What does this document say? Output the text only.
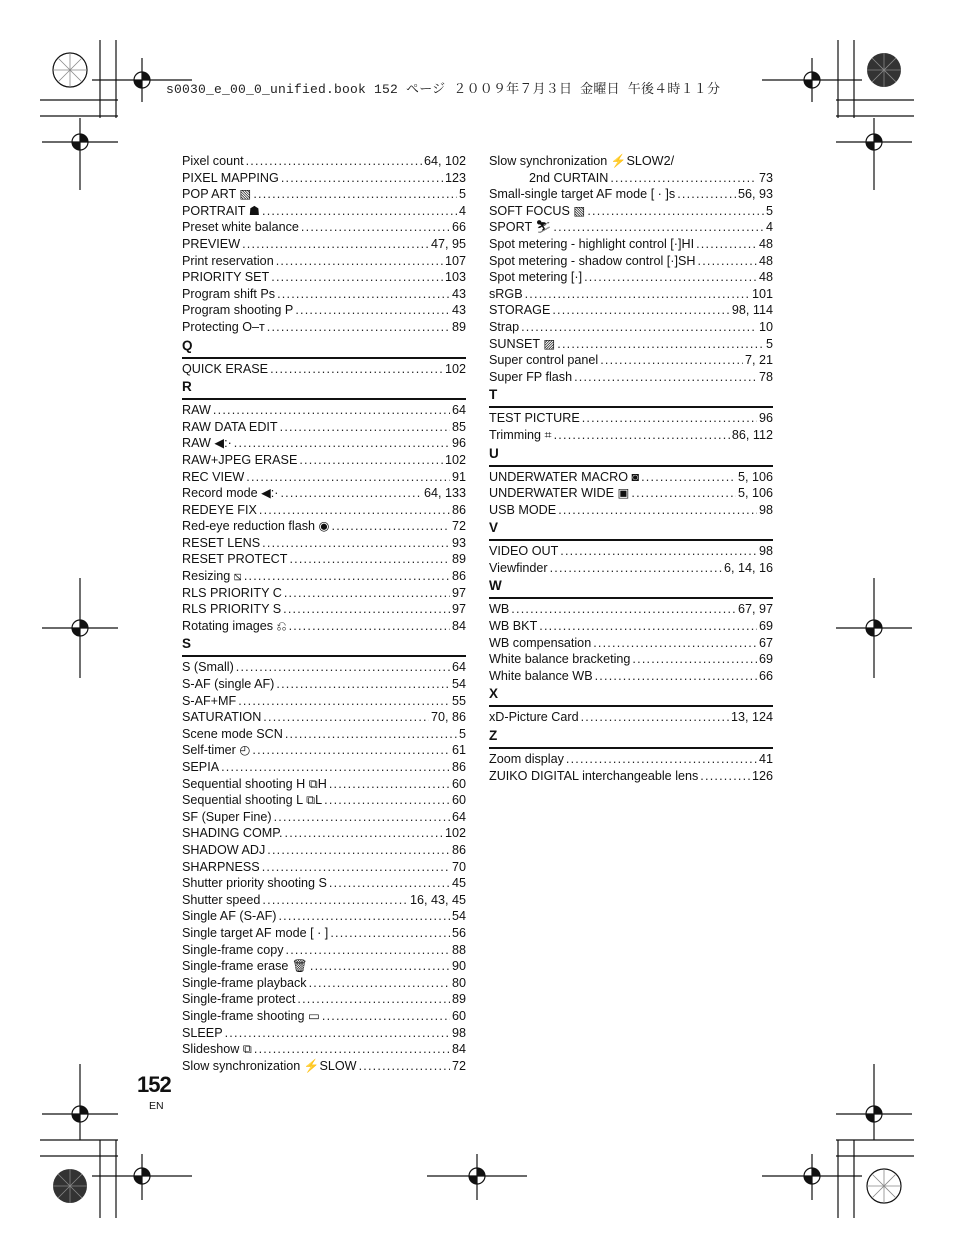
s0030_e_00_0_unified.book 152 ページ ２００９年７月３日 金曜日 午後４時１１分
Pixel count .....	64, 102
PIXEL MAPPING .....	123
POP ART ▧ .....	5
PORTRAIT ☗ .....	4
Preset white balance .....	66
PREVIEW .....	47, 95
Print reservation .....	107
PRIORITY SET .....	103
Program shift Ps .....	43
Program shooting P .....	43
Protecting O‒ᴛ .....	89
Q
QUICK ERASE .....	102
R
RAW .....	64
RAW DATA EDIT .....	85
RAW ◀:· .....	96
RAW+JPEG ERASE .....	102
REC VIEW .....	91
Record mode ◀:· .....	64, 133
REDEYE FIX .....	86
Red-eye reduction flash ◉ .....	72
RESET LENS .....	93
RESET PROTECT .....	89
Resizing ⧅ .....	86
RLS PRIORITY C .....	97
RLS PRIORITY S .....	97
Rotating images ⎌ .....	84
S
S (Small) .....	64
S-AF (single AF) .....	54
S-AF+MF .....	55
SATURATION .....	70, 86
Scene mode SCN .....	5
Self-timer ◴ .....	61
SEPIA .....	86
Sequential shooting H ⧉H .....	60
Sequential shooting L ⧉L .....	60
SF (Super Fine) .....	64
SHADING COMP. .....	102
SHADOW ADJ .....	86
SHARPNESS .....	70
Shutter priority shooting S .....	45
Shutter speed .....	16, 43, 45
Single AF (S-AF) .....	54
Single target AF mode [ · ] .....	56
Single-frame copy .....	88
Single-frame erase 🗑 .....	90
Single-frame playback .....	80
Single-frame protect .....	89
Single-frame shooting ▭ .....	60
SLEEP .....	98
Slideshow ⧉ .....	84
Slow synchronization ⚡SLOW .....	72
Slow synchronization ⚡SLOW2/
2nd CURTAIN .....	73
Small-single target AF mode [ · ]s .....	56, 93
SOFT FOCUS ▧ .....	5
SPORT ⛷ .....	4
Spot metering - highlight control [·]HI .....	48
Spot metering - shadow control [·]SH .....	48
Spot metering [·] .....	48
sRGB .....	101
STORAGE .....	98, 114
Strap .....	10
SUNSET ▨ .....	5
Super control panel .....	7, 21
Super FP flash .....	78
T
TEST PICTURE .....	96
Trimming ⌗ .....	86, 112
U
UNDERWATER MACRO ◙ .....	5, 106
UNDERWATER WIDE ▣ .....	5, 106
USB MODE .....	98
V
VIDEO OUT .....	98
Viewfinder .....	6, 14, 16
W
WB .....	67, 97
WB BKT .....	69
WB compensation .....	67
White balance bracketing .....	69
White balance WB .....	66
X
xD-Picture Card .....	13, 124
Z
Zoom display .....	41
ZUIKO DIGITAL interchangeable lens .....	126
152
EN
